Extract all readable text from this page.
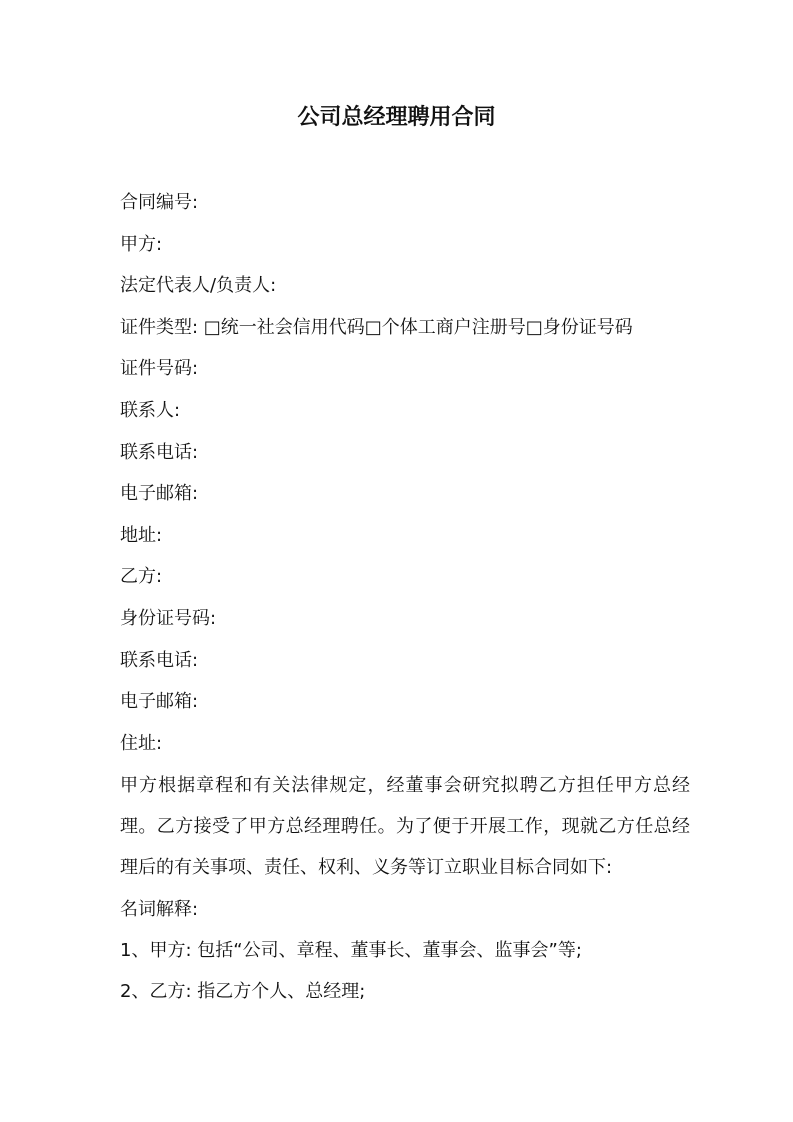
公司总经理聘用合同
合同编号:
甲方:
法定代表人/负责人:
证件类型: □统一社会信用代码□个体工商户注册号□身份证号码
证件号码:
联系人:
联系电话:
电子邮箱:
地址:
乙方:
身份证号码:
联系电话:
电子邮箱:
住址:

甲方根据章程和有关法律规定，经董事会研究拟聘乙方担任甲方总经理。乙方接受了甲方总经理聘任。为了便于开展工作，现就乙方任总经理后的有关事项、责任、权利、义务等订立职业目标合同如下:

名词解释:
1、甲方: 包括“公司、章程、董事长、董事会、监事会”等;
2、乙方: 指乙方个人、总经理;
